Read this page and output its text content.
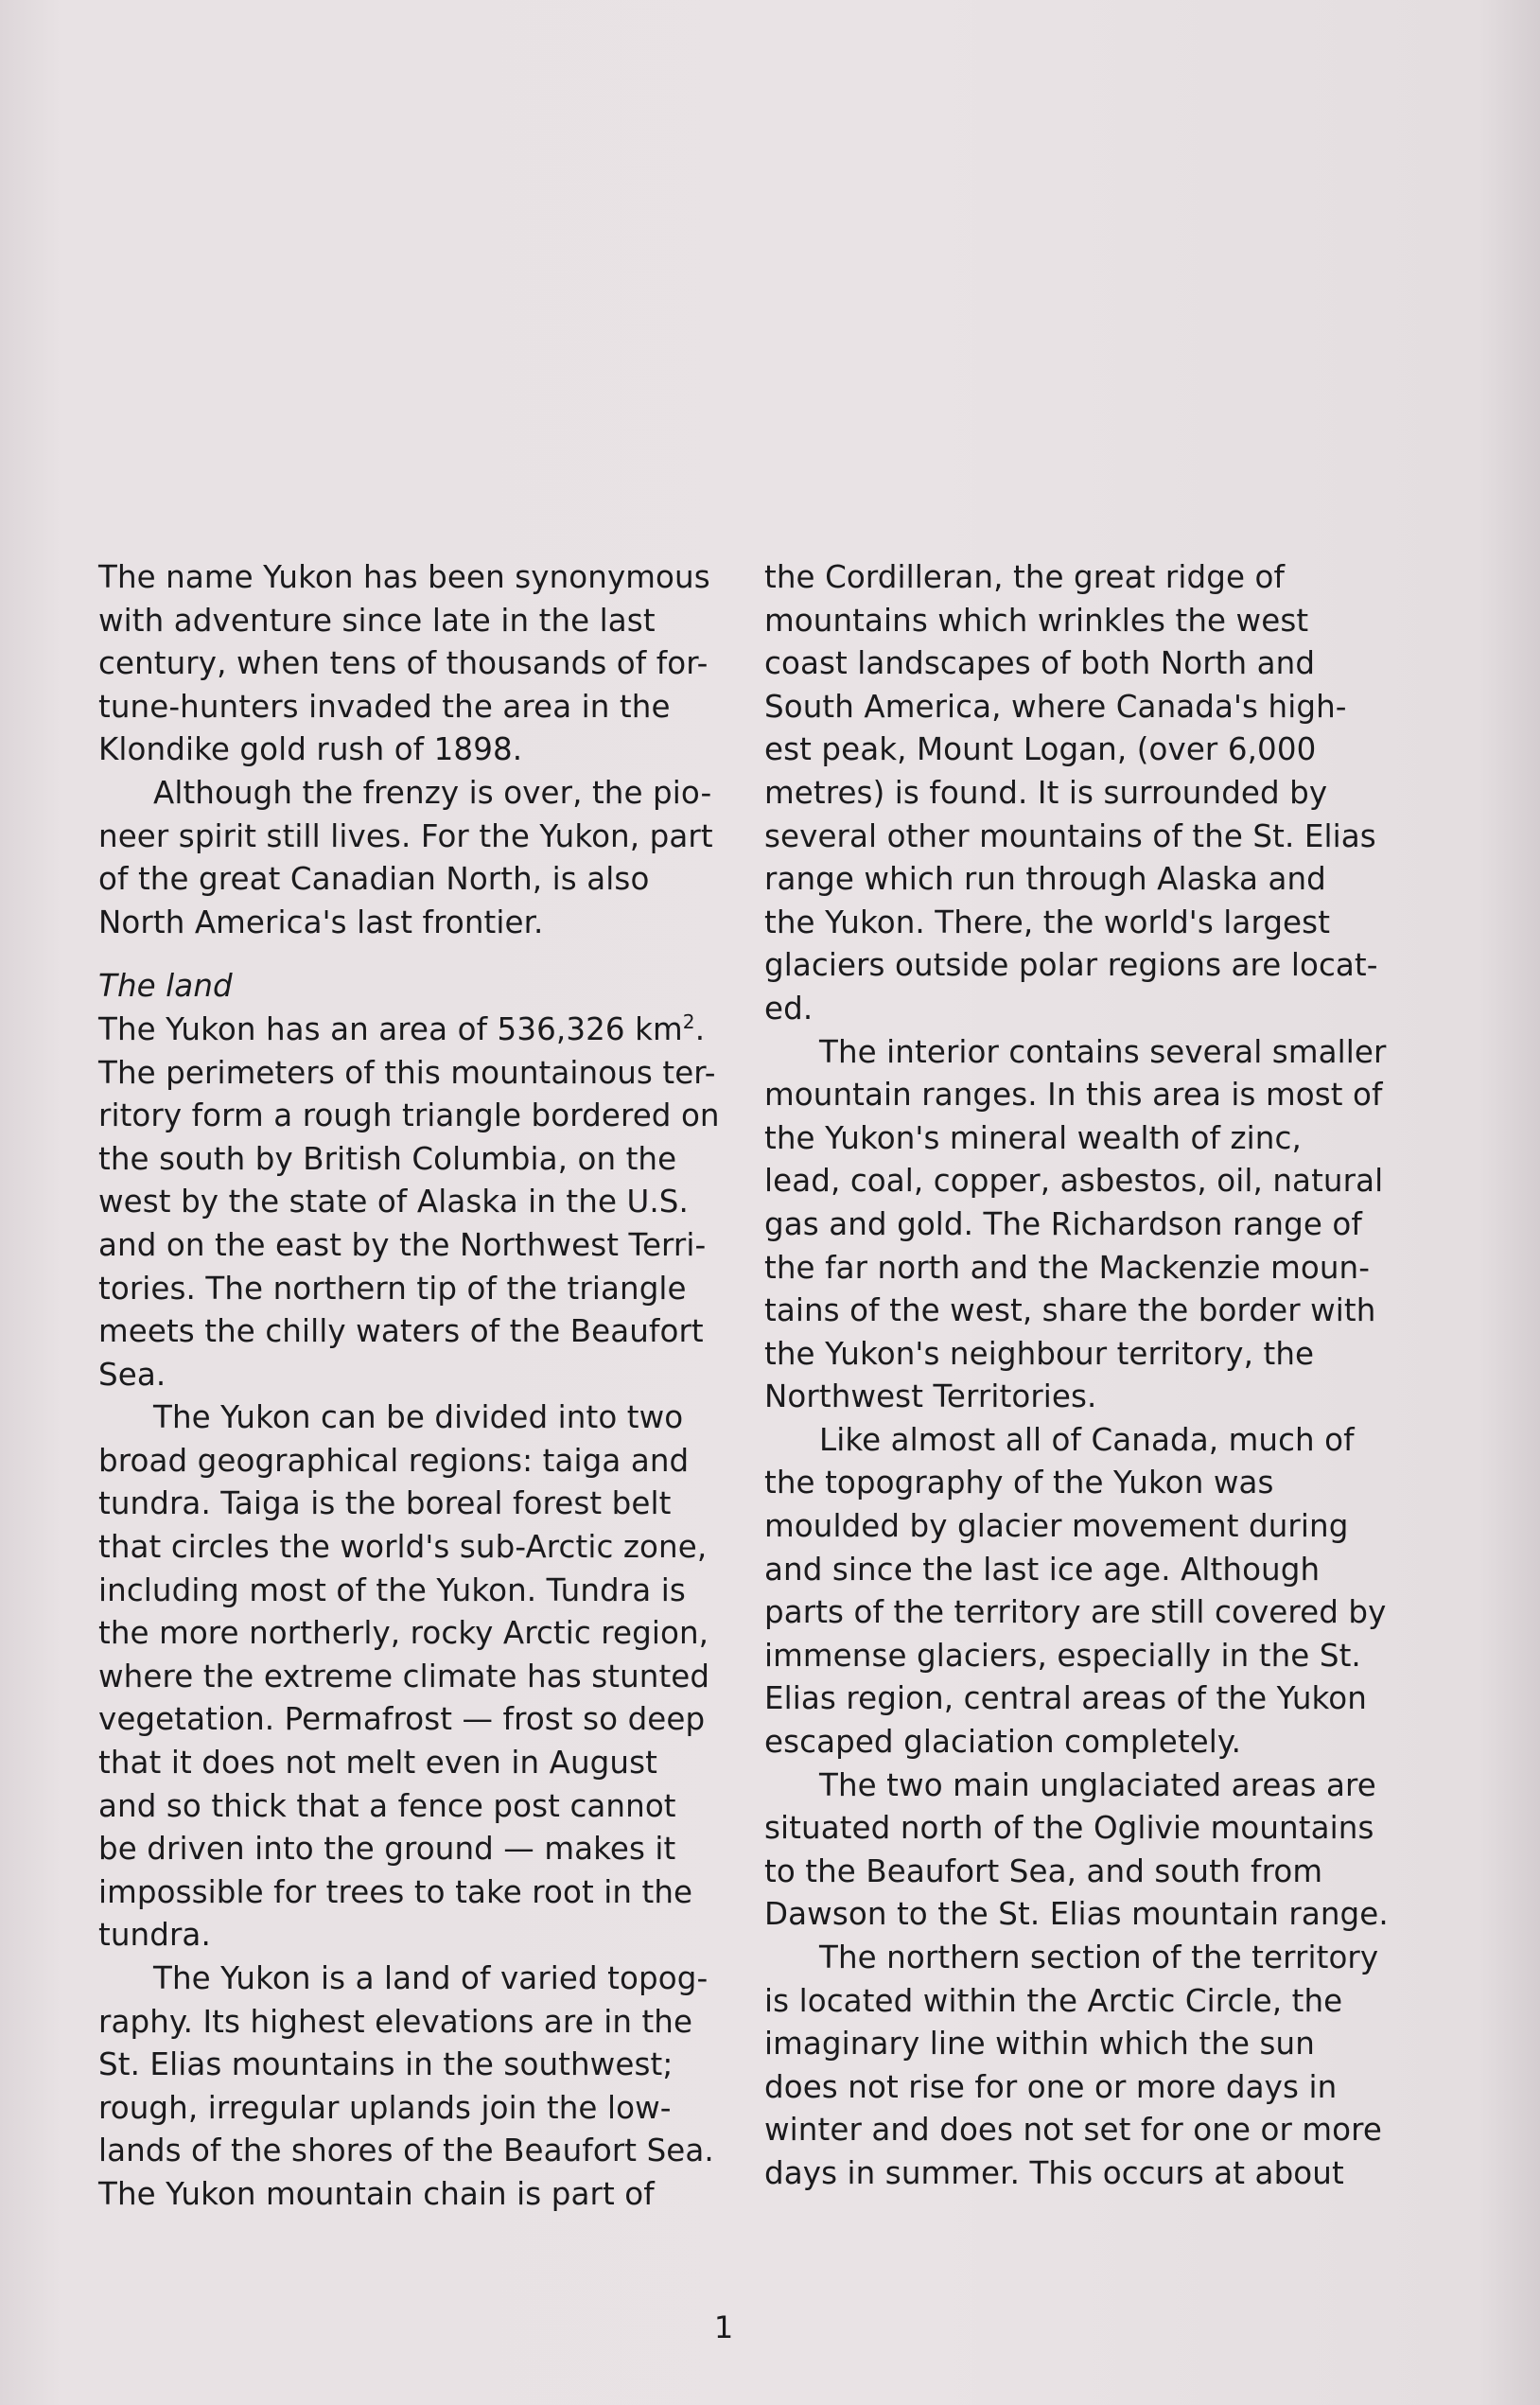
The name Yukon has been synonymous
with adventure since late in the last
century, when tens of thousands of for-
tune-hunters invaded the area in the
Klondike gold rush of 1898.
Although the frenzy is over, the pio-
neer spirit still lives. For the Yukon, part
of the great Canadian North, is also
North America's last frontier.
The land
The Yukon has an area of 536,326 $km^2$.
The perimeters of this mountainous ter-
ritory form a rough triangle bordered on
the south by British Columbia, on the
west by the state of Alaska in the U.S.
and on the east by the Northwest Terri-
tories. The northern tip of the triangle
meets the chilly waters of the Beaufort
Sea.
The Yukon can be divided into two
broad geographical regions: taiga and
tundra. Taiga is the boreal forest belt
that circles the world's sub-Arctic zone,
including most of the Yukon. Tundra is
the more northerly, rocky Arctic region,
where the extreme climate has stunted
vegetation. Permafrost — frost so deep
that it does not melt even in August
and so thick that a fence post cannot
be driven into the ground — makes it
impossible for trees to take root in the
tundra.
The Yukon is a land of varied topog-
raphy. Its highest elevations are in the
St. Elias mountains in the southwest;
rough, irregular uplands join the low-
lands of the shores of the Beaufort Sea.
The Yukon mountain chain is part of
the Cordilleran, the great ridge of
mountains which wrinkles the west
coast landscapes of both North and
South America, where Canada's high-
est peak, Mount Logan, (over 6,000
metres) is found. It is surrounded by
several other mountains of the St. Elias
range which run through Alaska and
the Yukon. There, the world's largest
glaciers outside polar regions are locat-
ed.
The interior contains several smaller
mountain ranges. In this area is most of
the Yukon's mineral wealth of zinc,
lead, coal, copper, asbestos, oil, natural
gas and gold. The Richardson range of
the far north and the Mackenzie moun-
tains of the west, share the border with
the Yukon's neighbour territory, the
Northwest Territories.
Like almost all of Canada, much of
the topography of the Yukon was
moulded by glacier movement during
and since the last ice age. Although
parts of the territory are still covered by
immense glaciers, especially in the St.
Elias region, central areas of the Yukon
escaped glaciation completely.
The two main unglaciated areas are
situated north of the Oglivie mountains
to the Beaufort Sea, and south from
Dawson to the St. Elias mountain range.
The northern section of the territory
is located within the Arctic Circle, the
imaginary line within which the sun
does not rise for one or more days in
winter and does not set for one or more
days in summer. This occurs at about
1
